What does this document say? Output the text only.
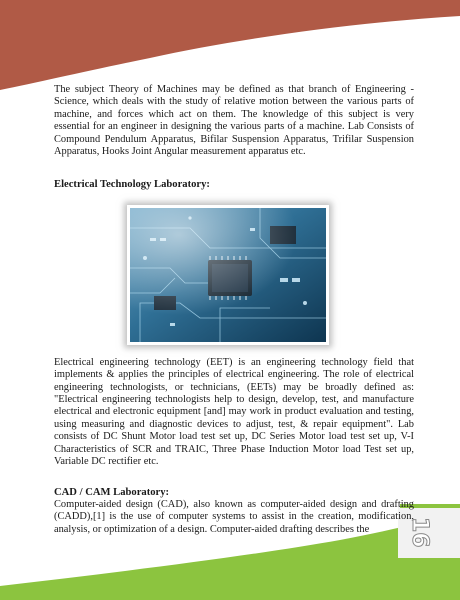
The subject Theory of Machines may be defined as that branch of Engineering - Science, which deals with the study of relative motion between the various parts of machine, and forces which act on them. The knowledge of this subject is very essential for an engineer in designing the various parts of a machine. Lab Consists of Compound Pendulum Apparatus, Bifilar Suspension Apparatus, Trifilar Suspension Apparatus, Hooks Joint Angular measurement apparatus etc.

Electrical Technology Laboratory:

Electrical engineering technology (EET) is an engineering technology field that implements & applies the principles of electrical engineering. The role of electrical engineering technologists, or technicians, (EETs) may be broadly defined as: "Electrical engineering technologists help to design, develop, test, and manufacture electrical and electronic equipment [and] may work in product evaluation and testing, using measuring and diagnostic devices to adjust, test, & repair equipment". Lab consists of DC Shunt Motor load test set up, DC Series Motor load test set up, V-I Characteristics of SCR and TRAIC, Three Phase Induction Motor load Test set up, Variable DC rectifier etc.

CAD / CAM Laboratory:

Computer-aided design (CAD), also known as computer-aided design and drafting (CADD),[1] is the use of computer systems to assist in the creation, modification, analysis, or optimization of a design. Computer-aided drafting describes the	16
